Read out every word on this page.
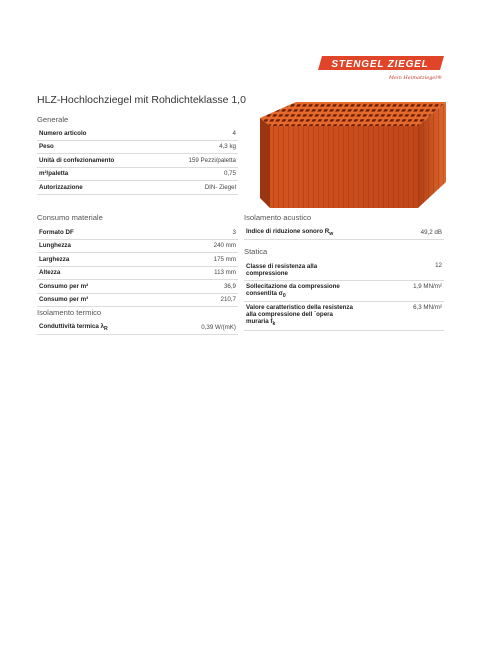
STENGEL ZIEGEL
Mein Heimatziegel®
HLZ-Hochlochziegel mit Rohdichteklasse 1,0
Generale
Numero articolo	4
Peso	4,3 kg
Unità di confezionamento	159 Pezzi/paletta
m²/paletta	0,75
Autorizzazione	DIN- Ziegel
Consumo materiale
Formato DF	3
Lunghezza	240 mm
Larghezza	175 mm
Altezza	113 mm
Consumo per m²	36,9
Consumo per m³	210,7
Isolamento termico
Conduttività termica $\lambda_R$	0,39 W/(mK)
Isolamento acustico
Indice di riduzione sonoro $R_w$	49,2 dB
Statica
Classe di resistenza alla compressione	12
Sollecitazione da compressione consentita $\sigma_0$	1,9 MN/m²
Valore caratteristico della resistenza alla compressione dell ´opera muraria $f_k$	6,3 MN/m²
